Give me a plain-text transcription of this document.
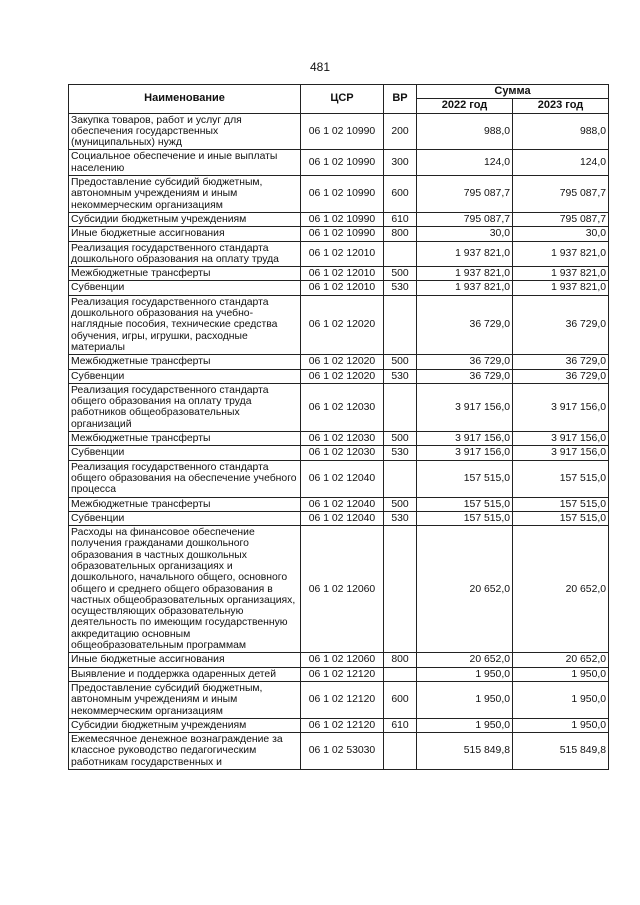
481
Наименование	ЦСР	ВР	Сумма	
			2022 год	2023 год
Закупка товаров, работ и услуг для обеспечения государственных (муниципальных) нужд	06 1 02 10990	200	988,0	988,0
Социальное обеспечение и иные выплаты населению	06 1 02 10990	300	124,0	124,0
Предоставление субсидий бюджетным, автономным учреждениям и иным некоммерческим организациям	06 1 02 10990	600	795 087,7	795 087,7
Субсидии бюджетным учреждениям	06 1 02 10990	610	795 087,7	795 087,7
Иные бюджетные ассигнования	06 1 02 10990	800	30,0	30,0
Реализация государственного стандарта дошкольного образования на оплату труда	06 1 02 12010		1 937 821,0	1 937 821,0
Межбюджетные трансферты	06 1 02 12010	500	1 937 821,0	1 937 821,0
Субвенции	06 1 02 12010	530	1 937 821,0	1 937 821,0
Реализация государственного стандарта дошкольного образования на учебно-наглядные пособия, технические средства обучения, игры, игрушки, расходные материалы	06 1 02 12020		36 729,0	36 729,0
Межбюджетные трансферты	06 1 02 12020	500	36 729,0	36 729,0
Субвенции	06 1 02 12020	530	36 729,0	36 729,0
Реализация государственного стандарта общего образования на оплату труда работников общеобразовательных организаций	06 1 02 12030		3 917 156,0	3 917 156,0
Межбюджетные трансферты	06 1 02 12030	500	3 917 156,0	3 917 156,0
Субвенции	06 1 02 12030	530	3 917 156,0	3 917 156,0
Реализация государственного стандарта общего образования на обеспечение учебного процесса	06 1 02 12040		157 515,0	157 515,0
Межбюджетные трансферты	06 1 02 12040	500	157 515,0	157 515,0
Субвенции	06 1 02 12040	530	157 515,0	157 515,0
Расходы на финансовое обеспечение получения гражданами дошкольного образования в частных дошкольных образовательных организациях и дошкольного, начального общего, основного общего и среднего общего образования в частных общеобразовательных организациях, осуществляющих образовательную деятельность по имеющим государственную аккредитацию основным общеобразовательным программам	06 1 02 12060		20 652,0	20 652,0
Иные бюджетные ассигнования	06 1 02 12060	800	20 652,0	20 652,0
Выявление и поддержка одаренных детей	06 1 02 12120		1 950,0	1 950,0
Предоставление субсидий бюджетным, автономным учреждениям и иным некоммерческим организациям	06 1 02 12120	600	1 950,0	1 950,0
Субсидии бюджетным учреждениям	06 1 02 12120	610	1 950,0	1 950,0
Ежемесячное денежное вознаграждение за классное руководство педагогическим работникам государственных и	06 1 02 53030		515 849,8	515 849,8
